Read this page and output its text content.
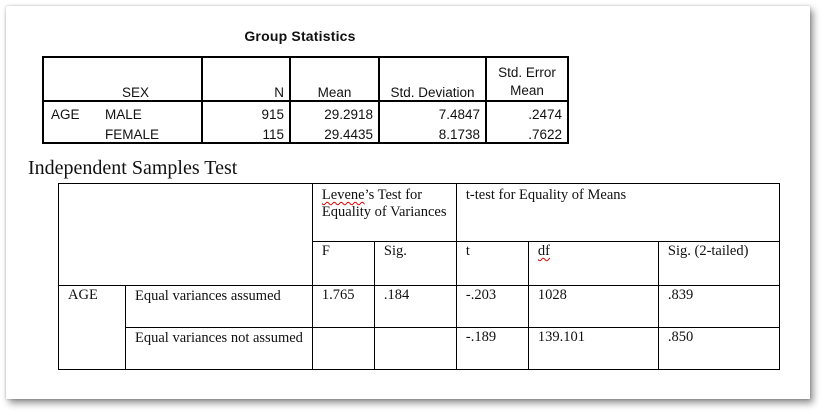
Group Statistics
	SEX	N	Mean	Std. Deviation	Std. Error
Mean

AGE	MALE	915	29.2918	7.4847	.2474
	FEMALE	115	29.4435	8.1738	.7622
Independent Samples Test
		Levene’s Test for Equality of Variances		t-test for Equality of Means		
		F	Sig.	t	df	Sig. (2-tailed)
AGE	Equal variances assumed	1.765	.184	-.203	1028	.839
	Equal variances not assumed			-.189	139.101	.850
